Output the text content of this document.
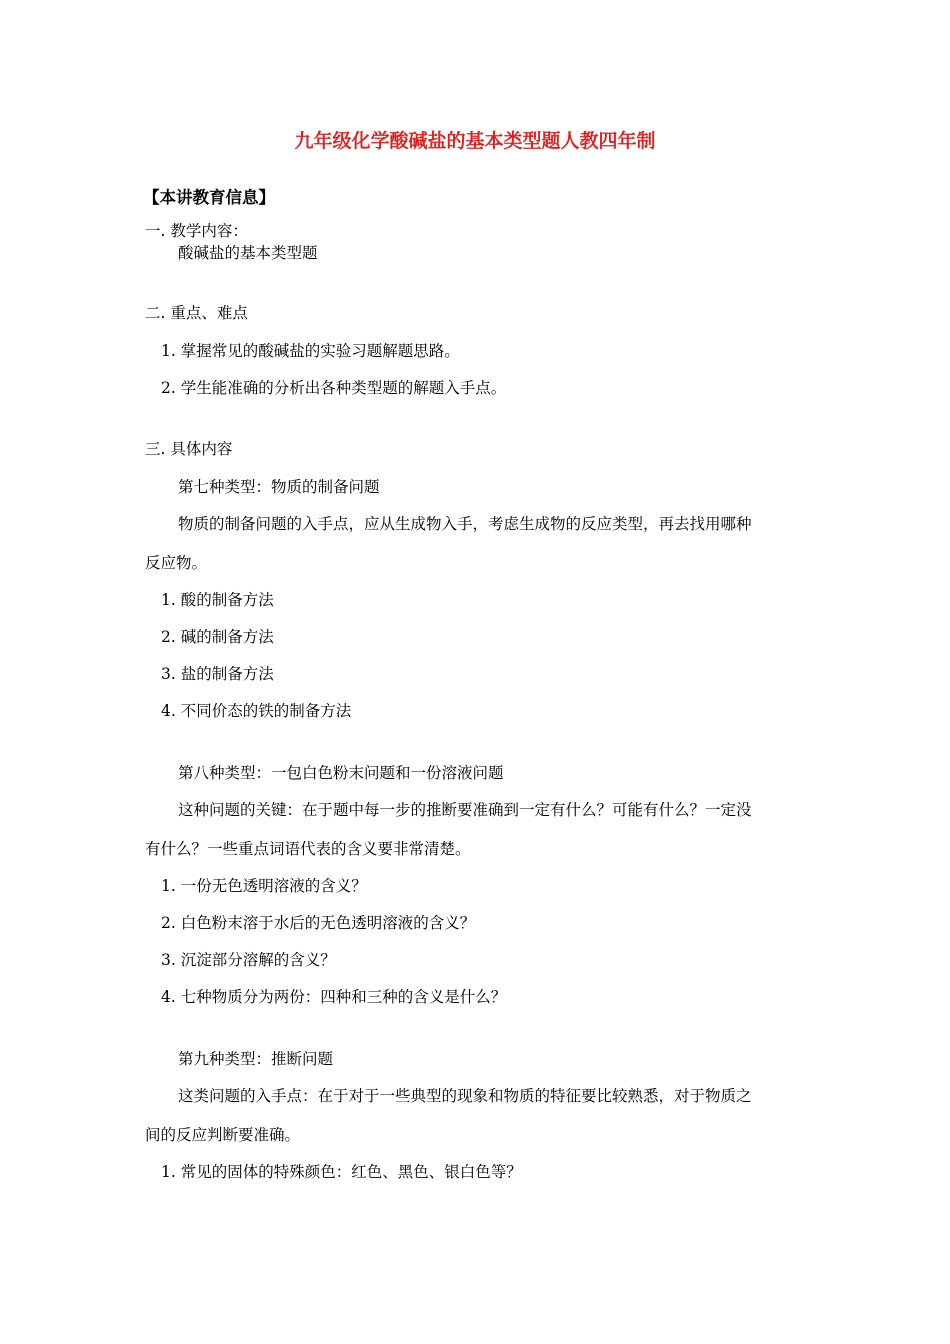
九年级化学酸碱盐的基本类型题人教四年制
【本讲教育信息】
一. 教学内容：
酸碱盐的基本类型题
二. 重点、难点
1. 掌握常见的酸碱盐的实验习题解题思路。
2. 学生能准确的分析出各种类型题的解题入手点。
三. 具体内容
第七种类型：物质的制备问题
物质的制备问题的入手点，应从生成物入手，考虑生成物的反应类型，再去找用哪种
反应物。
1. 酸的制备方法
2. 碱的制备方法
3. 盐的制备方法
4. 不同价态的铁的制备方法
第八种类型：一包白色粉末问题和一份溶液问题
这种问题的关键：在于题中每一步的推断要准确到一定有什么？可能有什么？一定没
有什么？一些重点词语代表的含义要非常清楚。
1. 一份无色透明溶液的含义？
2. 白色粉末溶于水后的无色透明溶液的含义？
3. 沉淀部分溶解的含义？
4. 七种物质分为两份：四种和三种的含义是什么？
第九种类型：推断问题
这类问题的入手点：在于对于一些典型的现象和物质的特征要比较熟悉，对于物质之
间的反应判断要准确。
1. 常见的固体的特殊颜色：红色、黑色、银白色等？
